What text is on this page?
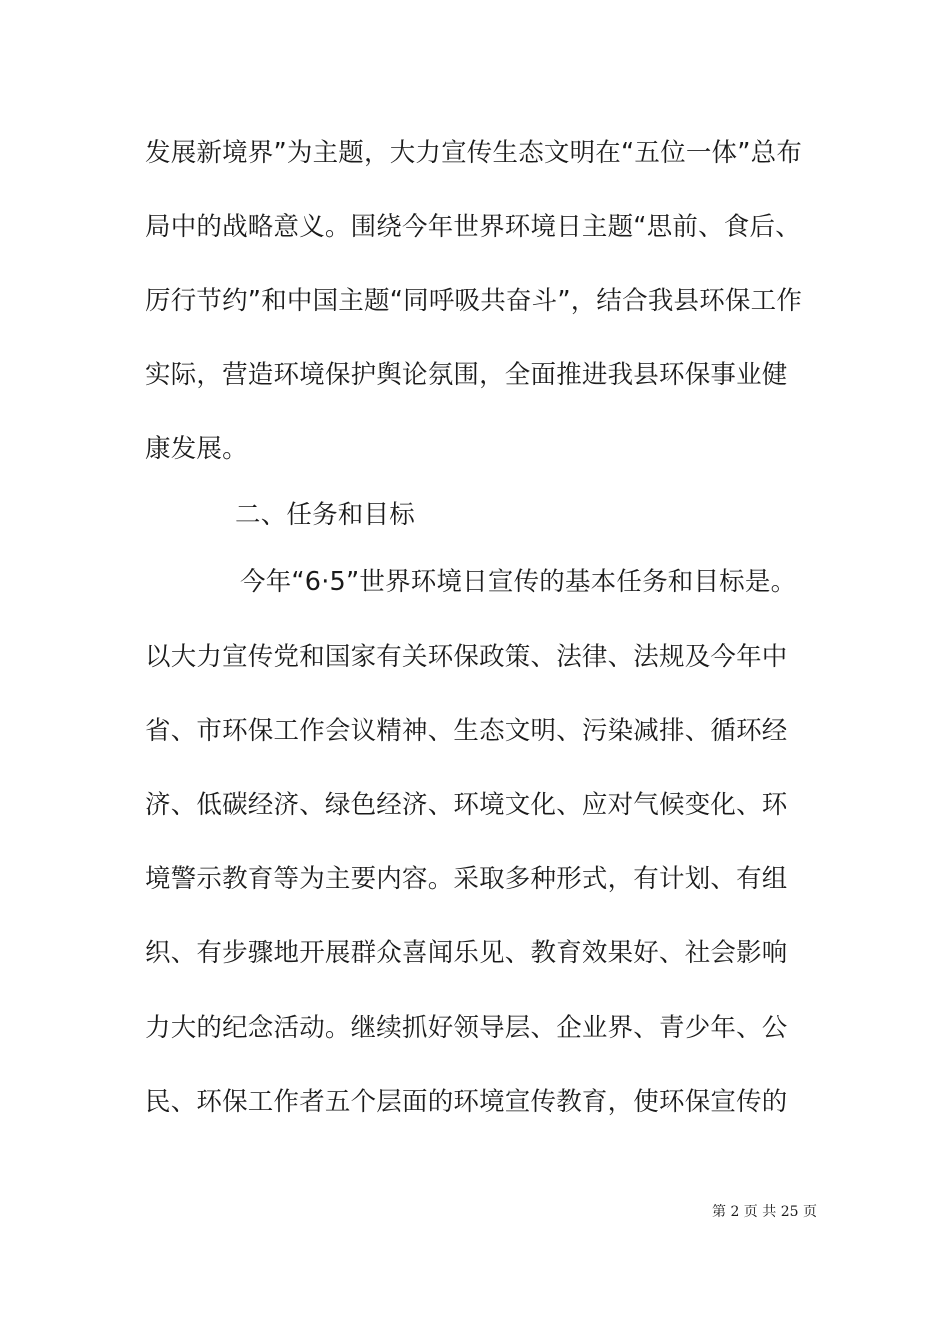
发展新境界”为主题，大力宣传生态文明在“五位一体”总布
局中的战略意义。围绕今年世界环境日主题“思前、食后、
厉行节约”和中国主题“同呼吸共奋斗”，结合我县环保工作
实际，营造环境保护舆论氛围，全面推进我县环保事业健
康发展。
二、任务和目标
今年“6·5”世界环境日宣传的基本任务和目标是。
以大力宣传党和国家有关环保政策、法律、法规及今年中
省、市环保工作会议精神、生态文明、污染减排、循环经
济、低碳经济、绿色经济、环境文化、应对气候变化、环
境警示教育等为主要内容。采取多种形式，有计划、有组
织、有步骤地开展群众喜闻乐见、教育效果好、社会影响
力大的纪念活动。继续抓好领导层、企业界、青少年、公
民、环保工作者五个层面的环境宣传教育，使环保宣传的
第 2 页 共 25 页
